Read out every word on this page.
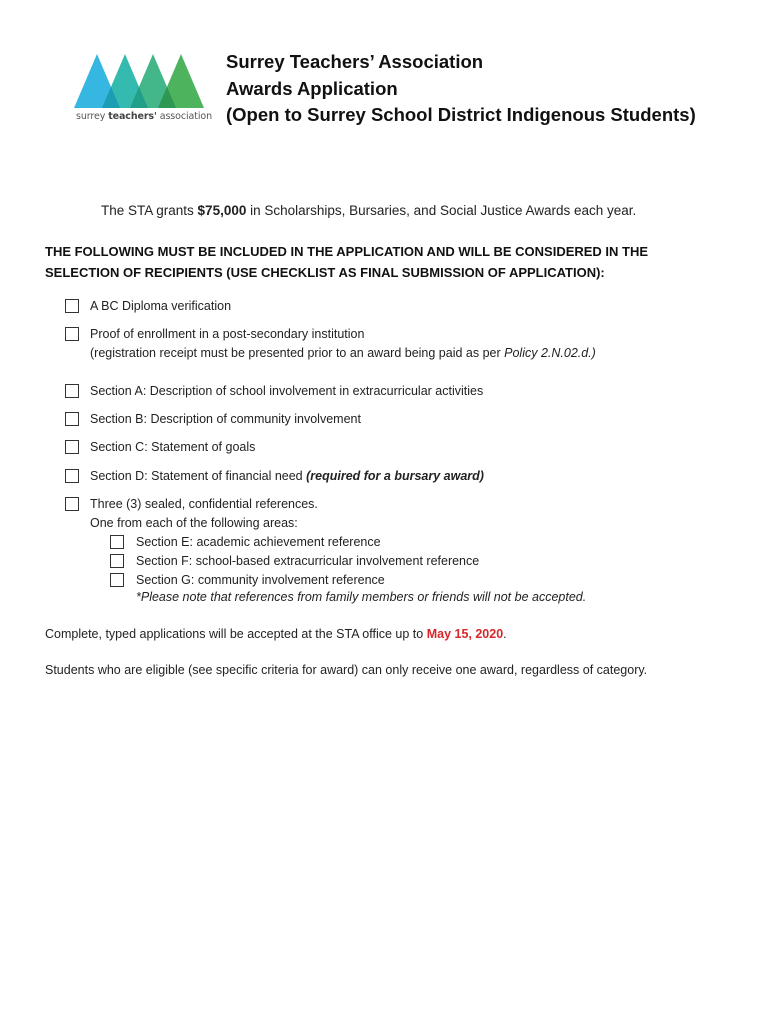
surrey teachers' association
Surrey Teachers’ Association
Awards Application
(Open to Surrey School District Indigenous Students)
The STA grants $75,000 in Scholarships, Bursaries, and Social Justice Awards each year.
THE FOLLOWING MUST BE INCLUDED IN THE APPLICATION AND WILL BE CONSIDERED IN THE SELECTION OF RECIPIENTS (USE CHECKLIST AS FINAL SUBMISSION OF APPLICATION):
A BC Diploma verification
Proof of enrollment in a post-secondary institution
(registration receipt must be presented prior to an award being paid as per Policy 2.N.02.d.)
Section A: Description of school involvement in extracurricular activities
Section B: Description of community involvement
Section C: Statement of goals
Section D: Statement of financial need (required for a bursary award)
Three (3) sealed, confidential references.
One from each of the following areas:
Section E: academic achievement reference
Section F: school-based extracurricular involvement reference
Section G: community involvement reference
*Please note that references from family members or friends will not be accepted.
Complete, typed applications will be accepted at the STA office up to May 15, 2020.
Students who are eligible (see specific criteria for award) can only receive one award, regardless of category.
